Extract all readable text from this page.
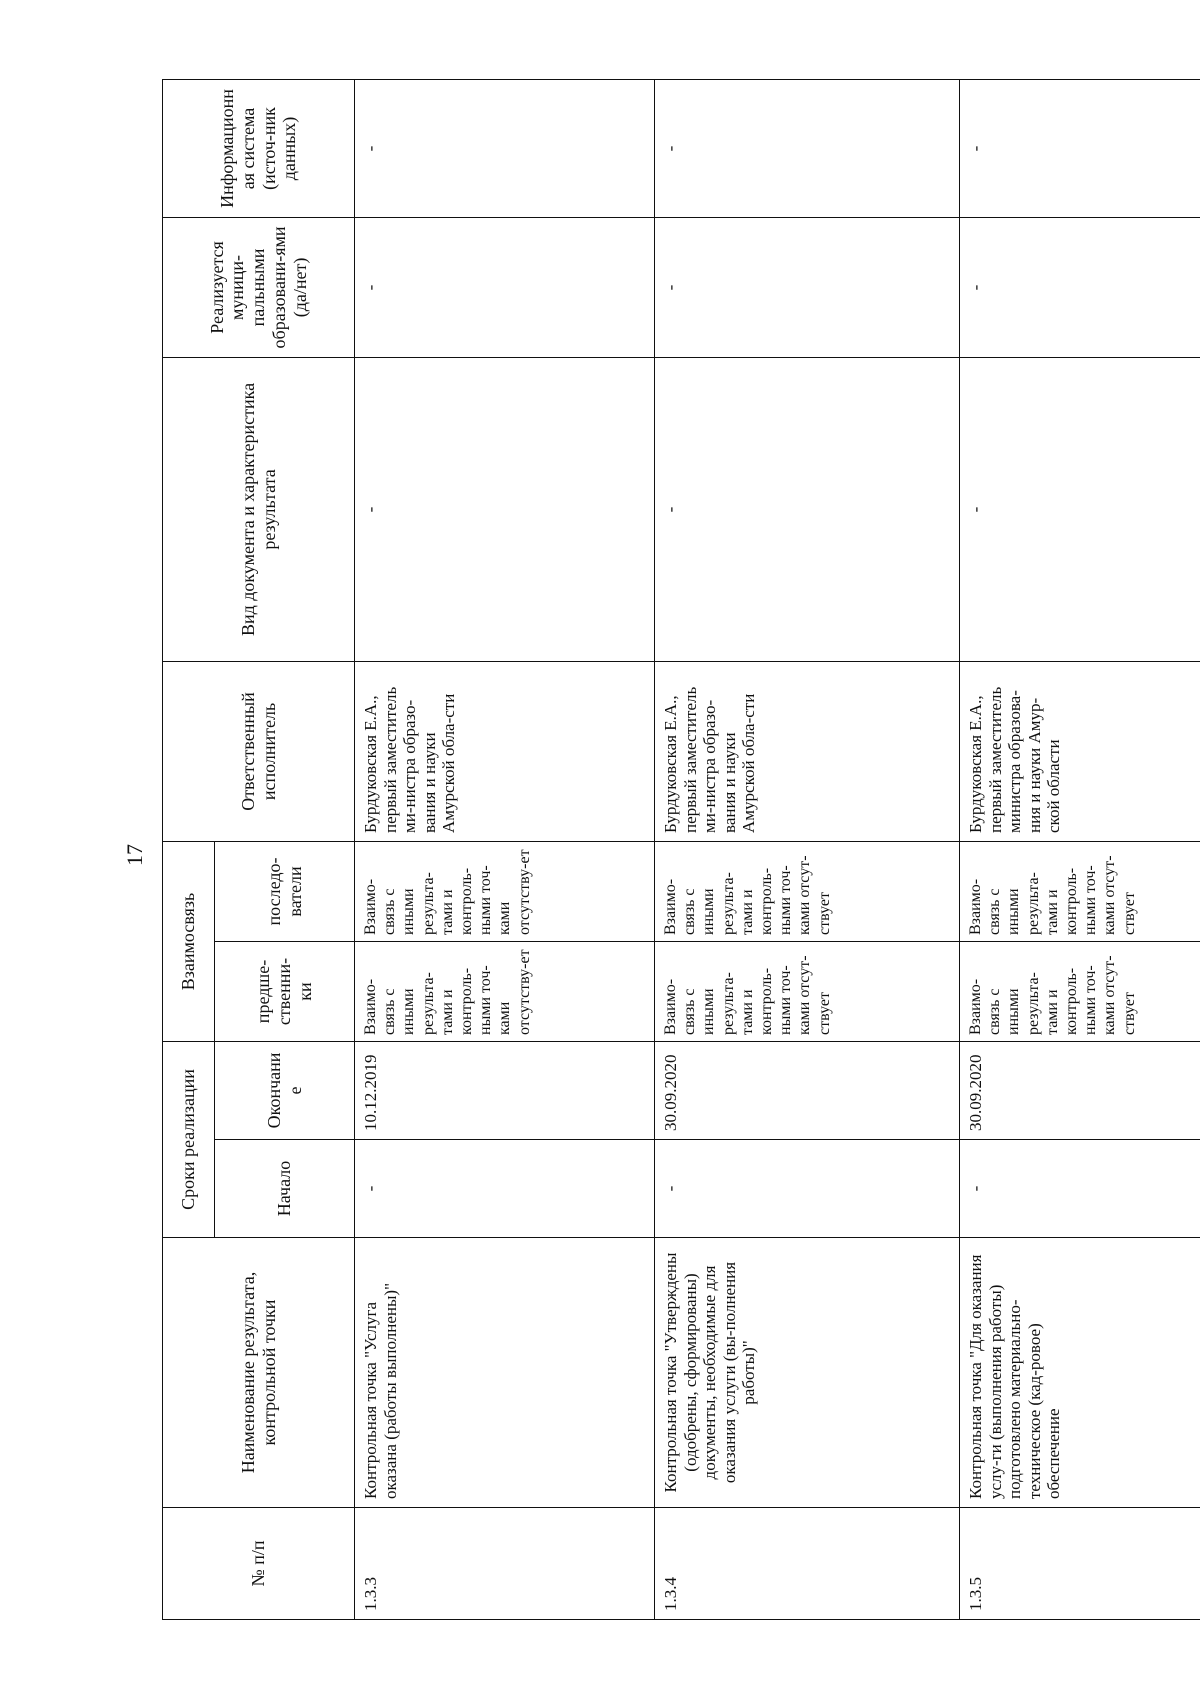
17
№ п/п	Наименование результата, контрольной точки	Сроки реализации		Взаимосвязь		Ответственный исполнитель	Вид документа и характеристика результата	Реализуется муници-пальными образовани-ями (да/нет)	Информационная система (источ-ник данных)
		Начало	Окончание	предше-ственни-ки	последо-ватели				
1.3.3	Контрольная точка "Услуга оказана (работы выполнены)"	-	10.12.2019	Взаимо-связь с иными результа-тами и контроль-ными точ-ками отсутству-ет	Взаимо-связь с иными результа-тами и контроль-ными точ-ками отсутству-ет	Бурдуковская Е.А., первый заместитель ми-нистра образо-вания и науки Амурской обла-сти	-	-	-
1.3.4	Контрольная точка "Утверждены (одобрены, сформированы) документы, необходимые для оказания услуги (вы-полнения работы)"	-	30.09.2020	Взаимо-связь с иными результа-тами и контроль-ными точ-ками отсут-ствует	Взаимо-связь с иными результа-тами и контроль-ными точ-ками отсут-ствует	Бурдуковская Е.А., первый заместитель ми-нистра образо-вания и науки Амурской обла-сти	-	-	-
1.3.5	Контрольная точка "Для оказания услу-ги (выполнения работы) подготовлено материально-техническое (кад-ровое) обеспечение	-	30.09.2020	Взаимо-связь с иными результа-тами и контроль-ными точ-ками отсут-ствует	Взаимо-связь с иными результа-тами и контроль-ными точ-ками отсут-ствует	Бурдуковская Е.А., первый заместитель министра образова-ния и науки Амур-ской области	-	-	-
